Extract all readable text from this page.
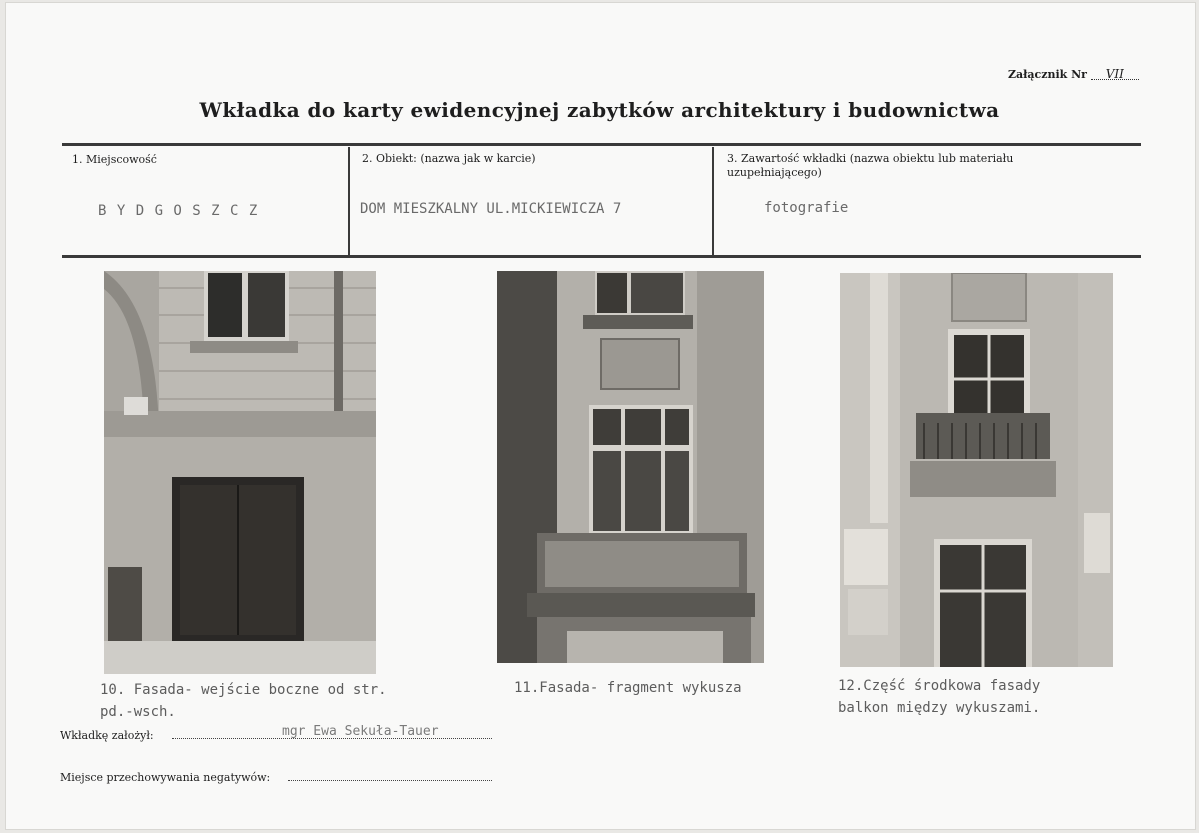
Załącznik Nr VII
Wkładka do karty ewidencyjnej zabytków architektury i budownictwa
1. Miejscowość	2. Obiekt: (nazwa jak w karcie)	3. Zawartość wkładki (nazwa obiektu lub materiału uzupełniającego)
B Y D G O S Z C Z	DOM MIESZKALNY UL.MICKIEWICZA 7	fotografie
10. Fasada- wejście boczne od str.
pd.-wsch.
11.Fasada- fragment wykusza	12.Część środkowa fasady
balkon między wykuszami.
Wkładkę założył:	mgr Ewa Sekuła-Tauer
Miejsce przechowywania negatywów:
